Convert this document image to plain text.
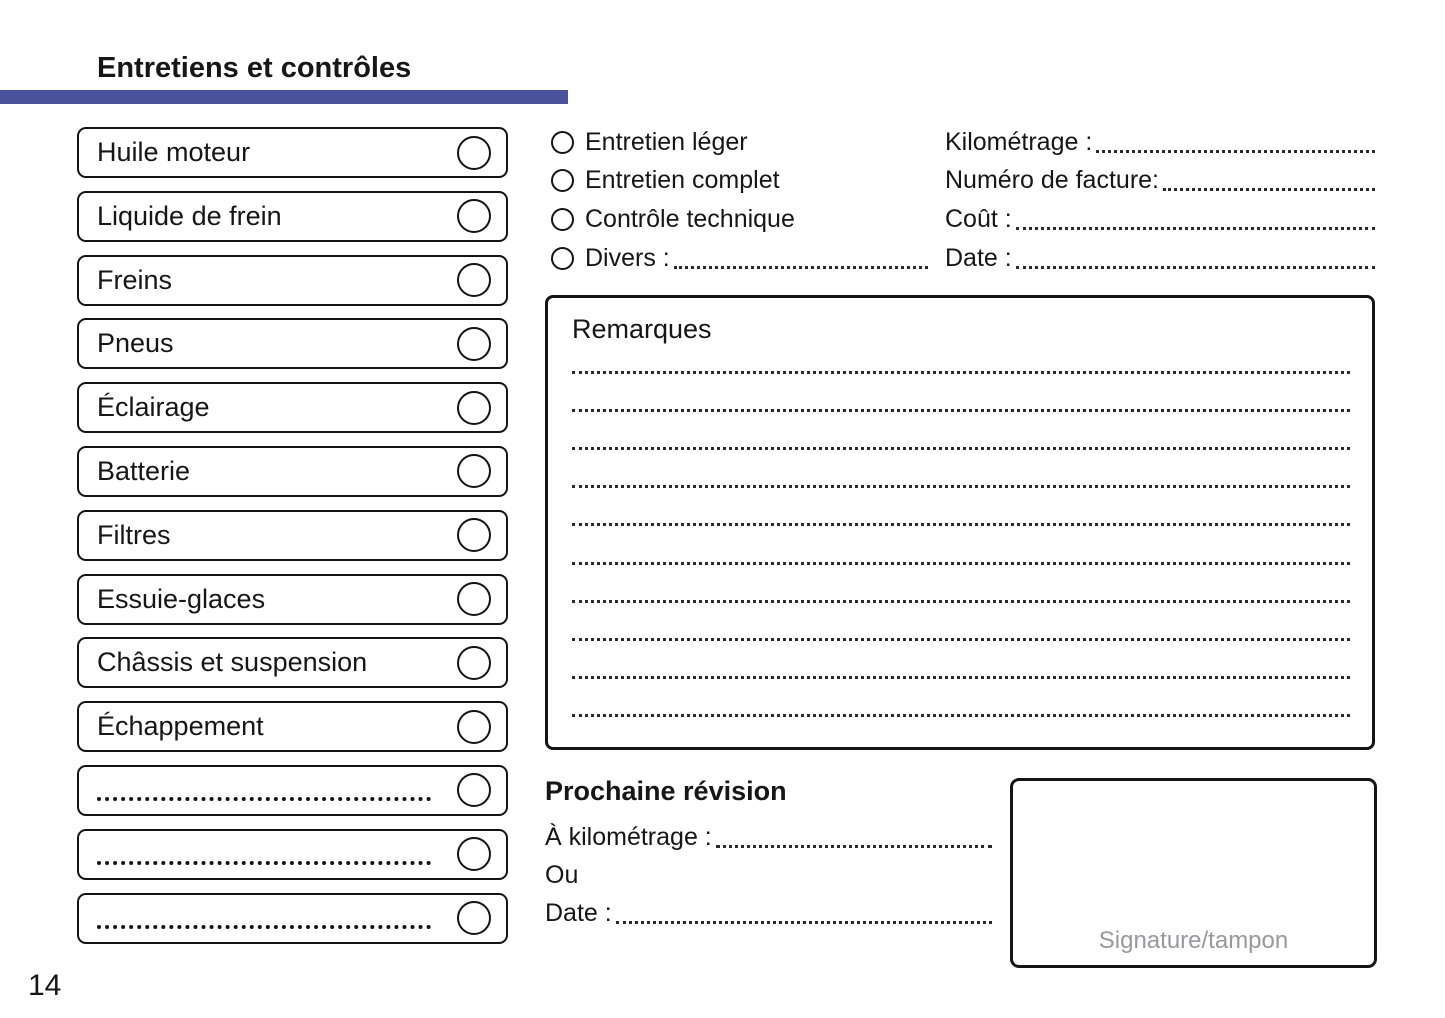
Entretiens et contrôles
Huile moteur
Liquide de frein
Freins
Pneus
Éclairage
Batterie
Filtres
Essuie-glaces
Châssis et suspension
Échappement
Entretien léger
Entretien complet
Contrôle technique
Divers :
Kilométrage :
Numéro de facture:
Coût :
Date :
Remarques
Prochaine révision
À kilométrage :
Ou
Date :
Signature/tampon
14
